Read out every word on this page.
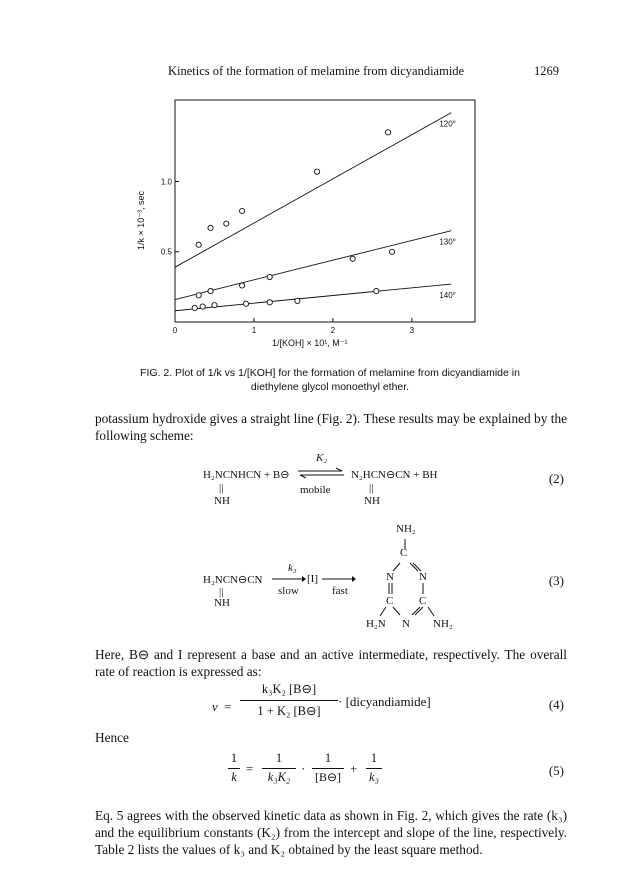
Kinetics of the formation of melamine from dicyandiamide	1269
0	1	2	3
0.5
1.0
120°
130°
140°
1/k × 10⁻³, sec
1/[KOH] × 10¹, M⁻¹
FIG. 2. Plot of 1/k vs 1/[KOH] for the formation of melamine from dicyandiamide in diethylene glycol monoethyl ether.
potassium hydroxide gives a straight line (Fig. 2). These results may be explained by the following scheme:
H₂NCNHCN + B⊖
K₂
⇌ N₂HCN⊖CN + BH
||
NH
mobile	||
NH
(2)
H₂NCN⊖CN
k₃
[I]
||
NH
slow	fast
NH₂
C
N N
C C
N
H₂N	NH₂
(3)
Here, B⊖ and I represent a base and an active intermediate, respectively. The overall rate of reaction is expressed as:
v =
k₃K₂ [B⊖]
1 + K₂ [B⊖]
· [dicyandiamide]	(4)
Hence
1
k
=
1
k₃K₂
·
1
[B⊖]
+
1
k₃	(5)
Eq. 5 agrees with the observed kinetic data as shown in Fig. 2, which gives the rate (k₃) and the equilibrium constants (K₂) from the intercept and slope of the line, respectively. Table 2 lists the values of k₃ and K₂ obtained by the least square method.
